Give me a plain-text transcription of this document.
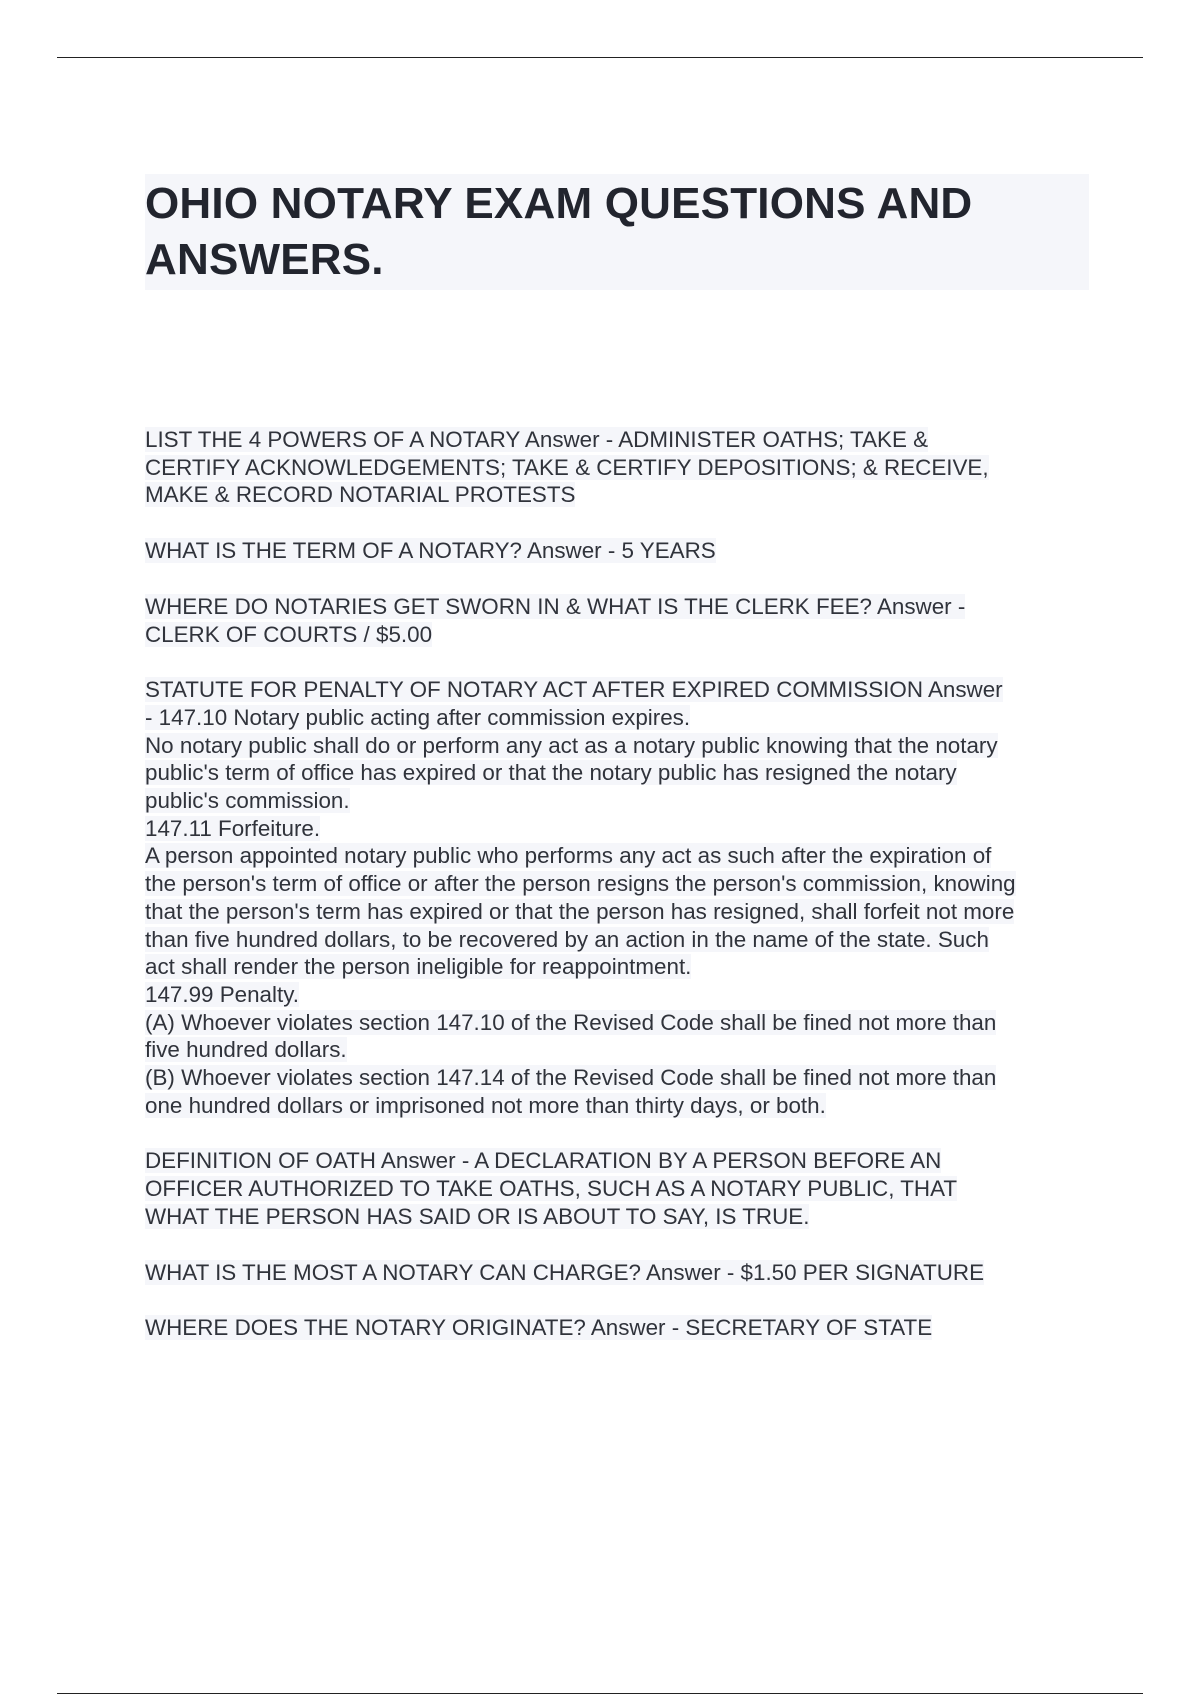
OHIO NOTARY EXAM QUESTIONS AND
ANSWERS.
LIST THE 4 POWERS OF A NOTARY Answer - ADMINISTER OATHS; TAKE &
CERTIFY ACKNOWLEDGEMENTS; TAKE & CERTIFY DEPOSITIONS; & RECEIVE,
MAKE & RECORD NOTARIAL PROTESTS
WHAT IS THE TERM OF A NOTARY? Answer - 5 YEARS
WHERE DO NOTARIES GET SWORN IN & WHAT IS THE CLERK FEE? Answer -
CLERK OF COURTS / $5.00
STATUTE FOR PENALTY OF NOTARY ACT AFTER EXPIRED COMMISSION Answer
- 147.10 Notary public acting after commission expires.
No notary public shall do or perform any act as a notary public knowing that the notary
public's term of office has expired or that the notary public has resigned the notary
public's commission.
147.11 Forfeiture.
A person appointed notary public who performs any act as such after the expiration of
the person's term of office or after the person resigns the person's commission, knowing
that the person's term has expired or that the person has resigned, shall forfeit not more
than five hundred dollars, to be recovered by an action in the name of the state. Such
act shall render the person ineligible for reappointment.
147.99 Penalty.
(A) Whoever violates section 147.10 of the Revised Code shall be fined not more than
five hundred dollars.
(B) Whoever violates section 147.14 of the Revised Code shall be fined not more than
one hundred dollars or imprisoned not more than thirty days, or both.
DEFINITION OF OATH Answer - A DECLARATION BY A PERSON BEFORE AN
OFFICER AUTHORIZED TO TAKE OATHS, SUCH AS A NOTARY PUBLIC, THAT
WHAT THE PERSON HAS SAID OR IS ABOUT TO SAY, IS TRUE.
WHAT IS THE MOST A NOTARY CAN CHARGE? Answer - $1.50 PER SIGNATURE
WHERE DOES THE NOTARY ORIGINATE? Answer - SECRETARY OF STATE
